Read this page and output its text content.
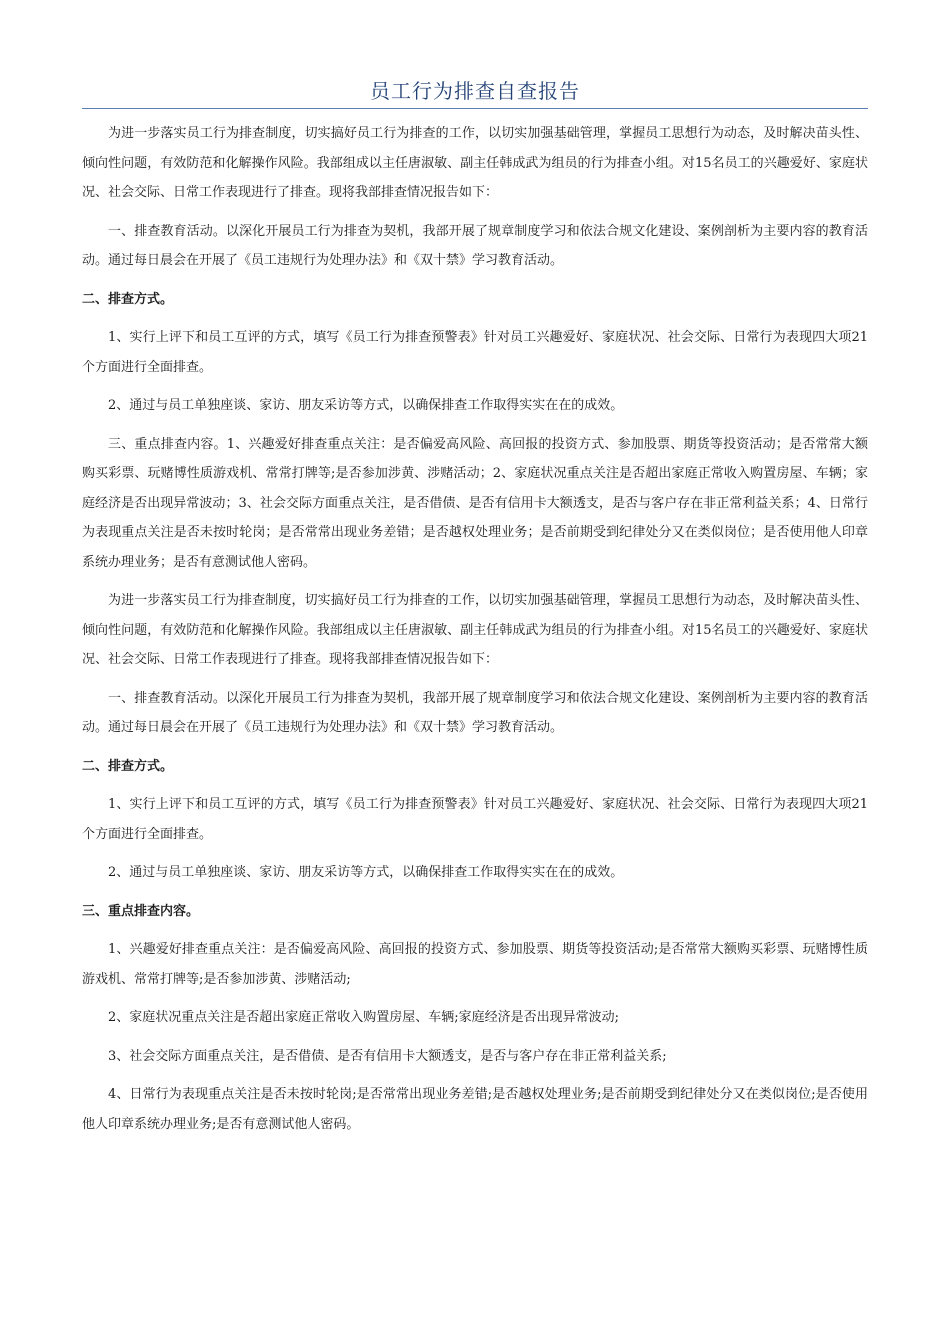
员工行为排查自查报告
为进一步落实员工行为排查制度，切实搞好员工行为排查的工作，以切实加强基础管理，掌握员工思想行为动态，及时解决苗头性、倾向性问题，有效防范和化解操作风险。我部组成以主任唐淑敏、副主任韩成武为组员的行为排查小组。对15名员工的兴趣爱好、家庭状况、社会交际、日常工作表现进行了排查。现将我部排查情况报告如下：
一、排查教育活动。以深化开展员工行为排查为契机，我部开展了规章制度学习和依法合规文化建设、案例剖析为主要内容的教育活动。通过每日晨会在开展了《员工违规行为处理办法》和《双十禁》学习教育活动。
二、排查方式。
1、实行上评下和员工互评的方式，填写《员工行为排查预警表》针对员工兴趣爱好、家庭状况、社会交际、日常行为表现四大项21个方面进行全面排查。
2、通过与员工单独座谈、家访、朋友采访等方式，以确保排查工作取得实实在在的成效。
三、重点排查内容。1、兴趣爱好排查重点关注：是否偏爱高风险、高回报的投资方式、参加股票、期货等投资活动；是否常常大额购买彩票、玩赌博性质游戏机、常常打牌等;是否参加涉黄、涉赌活动；2、家庭状况重点关注是否超出家庭正常收入购置房屋、车辆；家庭经济是否出现异常波动；3、社会交际方面重点关注，是否借债、是否有信用卡大额透支，是否与客户存在非正常利益关系；4、日常行为表现重点关注是否未按时轮岗；是否常常出现业务差错；是否越权处理业务；是否前期受到纪律处分又在类似岗位；是否使用他人印章系统办理业务；是否有意测试他人密码。
为进一步落实员工行为排查制度，切实搞好员工行为排查的工作，以切实加强基础管理，掌握员工思想行为动态，及时解决苗头性、倾向性问题，有效防范和化解操作风险。我部组成以主任唐淑敏、副主任韩成武为组员的行为排查小组。对15名员工的兴趣爱好、家庭状况、社会交际、日常工作表现进行了排查。现将我部排查情况报告如下：
一、排查教育活动。以深化开展员工行为排查为契机，我部开展了规章制度学习和依法合规文化建设、案例剖析为主要内容的教育活动。通过每日晨会在开展了《员工违规行为处理办法》和《双十禁》学习教育活动。
二、排查方式。
1、实行上评下和员工互评的方式，填写《员工行为排查预警表》针对员工兴趣爱好、家庭状况、社会交际、日常行为表现四大项21个方面进行全面排查。
2、通过与员工单独座谈、家访、朋友采访等方式，以确保排查工作取得实实在在的成效。
三、重点排查内容。
1、兴趣爱好排查重点关注：是否偏爱高风险、高回报的投资方式、参加股票、期货等投资活动;是否常常大额购买彩票、玩赌博性质游戏机、常常打牌等;是否参加涉黄、涉赌活动;
2、家庭状况重点关注是否超出家庭正常收入购置房屋、车辆;家庭经济是否出现异常波动;
3、社会交际方面重点关注，是否借债、是否有信用卡大额透支，是否与客户存在非正常利益关系;
4、日常行为表现重点关注是否未按时轮岗;是否常常出现业务差错;是否越权处理业务;是否前期受到纪律处分又在类似岗位;是否使用他人印章系统办理业务;是否有意测试他人密码。
